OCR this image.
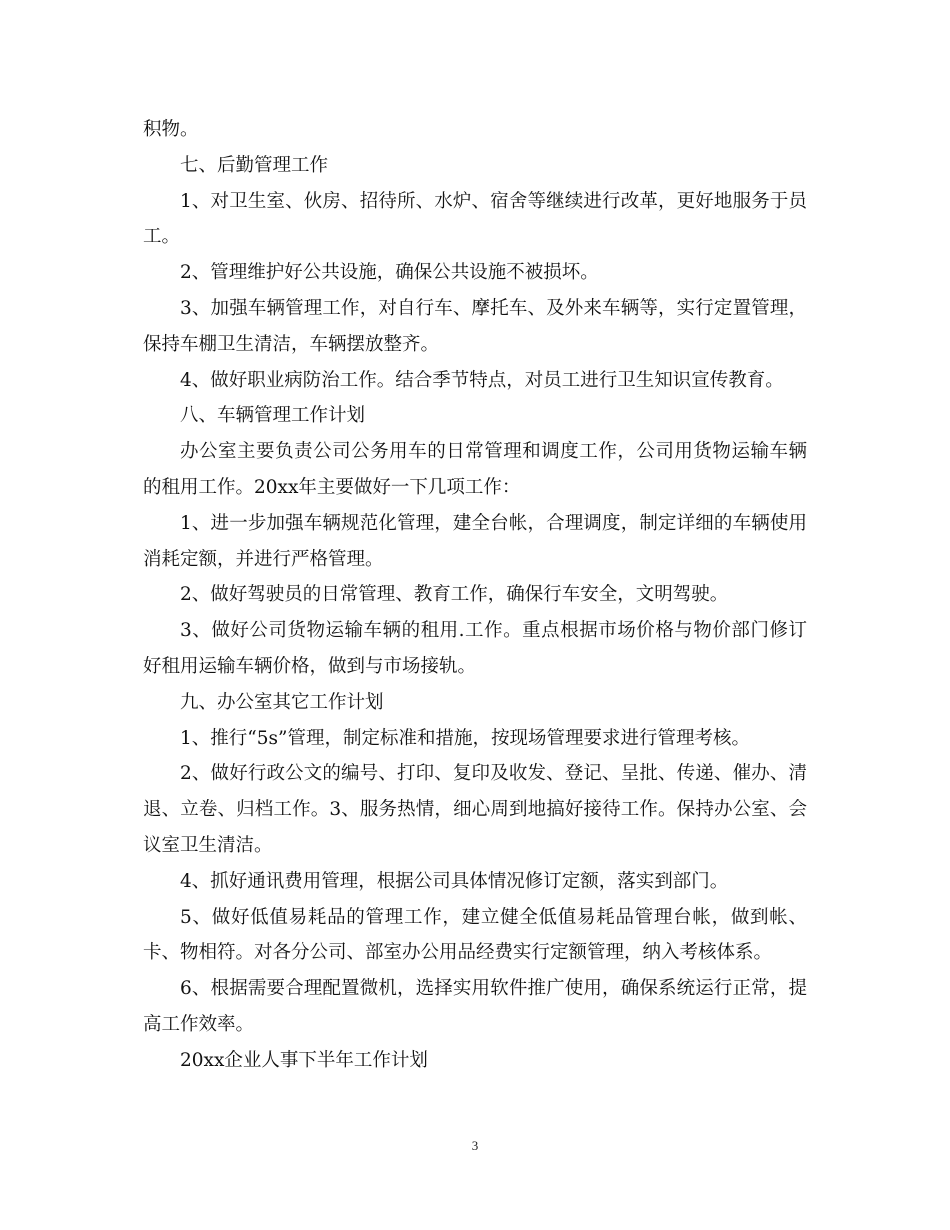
积物。

七、后勤管理工作

1、对卫生室、伙房、招待所、水炉、宿舍等继续进行改革，更好地服务于员工。

2、管理维护好公共设施，确保公共设施不被损坏。

3、加强车辆管理工作，对自行车、摩托车、及外来车辆等，实行定置管理，保持车棚卫生清洁，车辆摆放整齐。

4、做好职业病防治工作。结合季节特点，对员工进行卫生知识宣传教育。

八、车辆管理工作计划

办公室主要负责公司公务用车的日常管理和调度工作，公司用货物运输车辆的租用工作。20xx年主要做好一下几项工作：

1、进一步加强车辆规范化管理，建全台帐，合理调度，制定详细的车辆使用消耗定额，并进行严格管理。

2、做好驾驶员的日常管理、教育工作，确保行车安全，文明驾驶。

3、做好公司货物运输车辆的租用.工作。重点根据市场价格与物价部门修订好租用运输车辆价格，做到与市场接轨。

九、办公室其它工作计划

1、推行“5s”管理，制定标准和措施，按现场管理要求进行管理考核。

2、做好行政公文的编号、打印、复印及收发、登记、呈批、传递、催办、清退、立卷、归档工作。3、服务热情，细心周到地搞好接待工作。保持办公室、会议室卫生清洁。

4、抓好通讯费用管理，根据公司具体情况修订定额，落实到部门。

5、做好低值易耗品的管理工作，建立健全低值易耗品管理台帐，做到帐、卡、物相符。对各分公司、部室办公用品经费实行定额管理，纳入考核体系。

6、根据需要合理配置微机，选择实用软件推广使用，确保系统运行正常，提高工作效率。

20xx企业人事下半年工作计划

3
